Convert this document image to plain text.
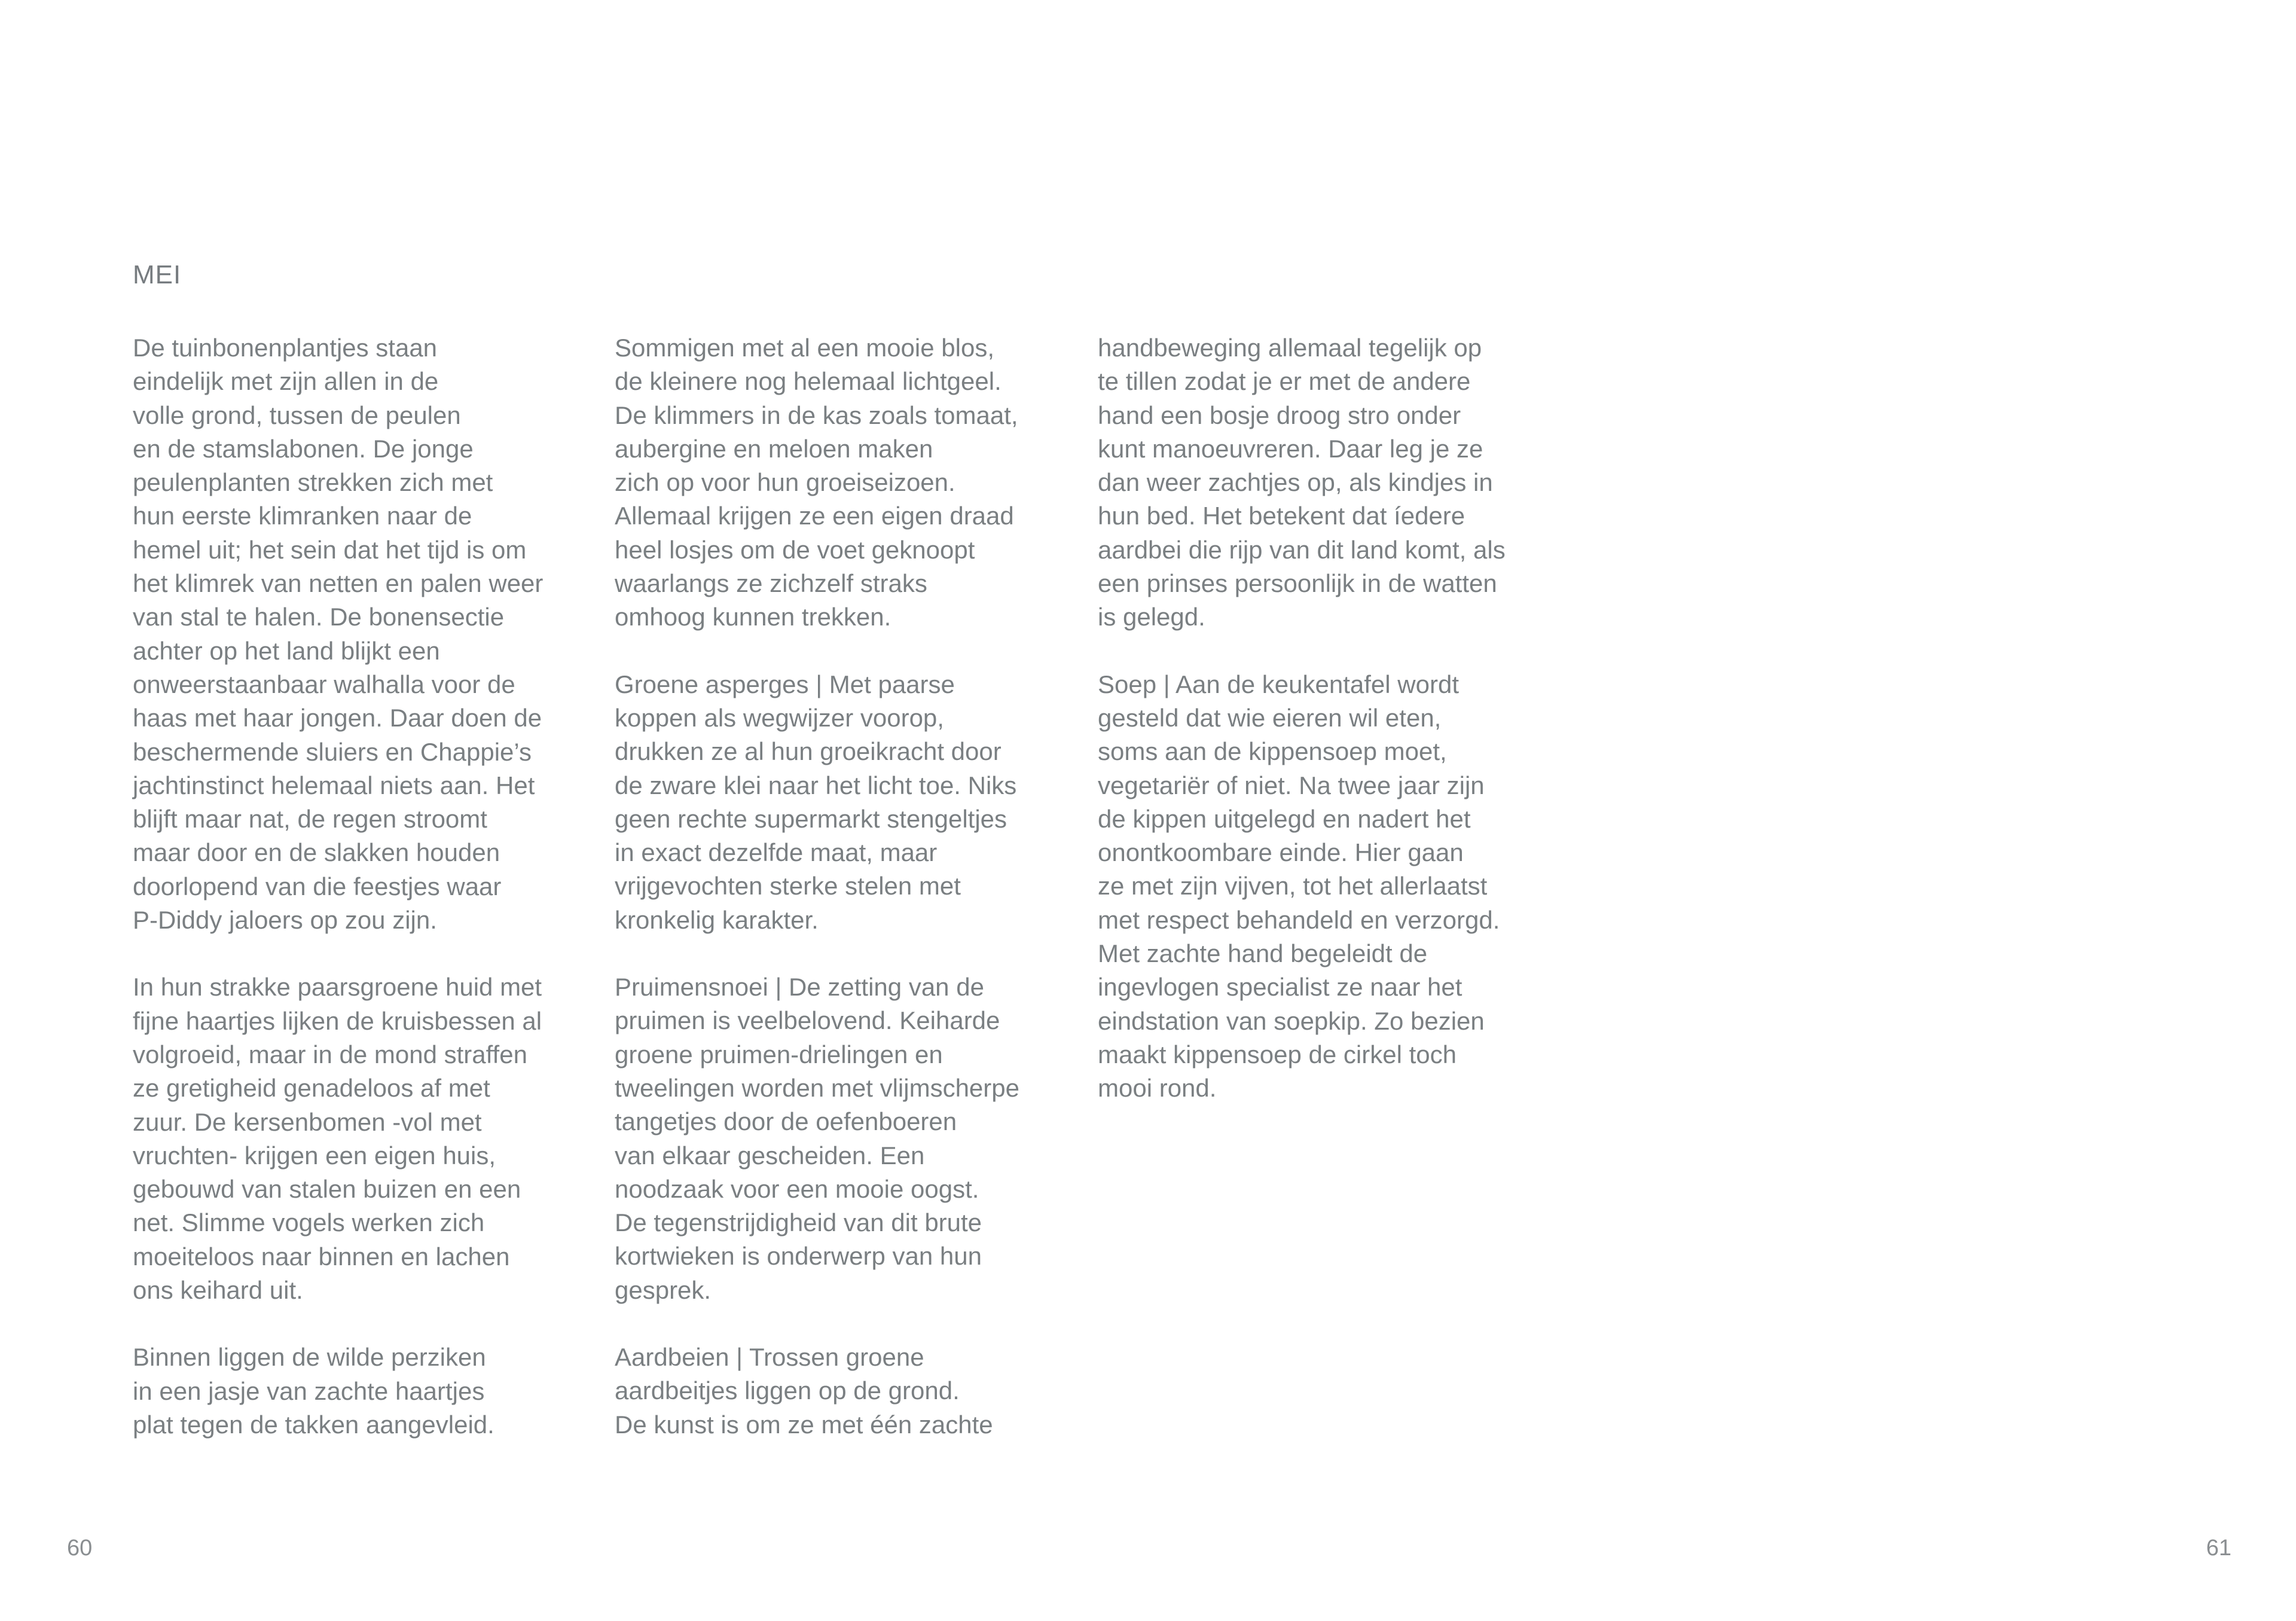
MEI

De tuinbonenplantjes staan
eindelijk met zijn allen in de
volle grond, tussen de peulen
en de stamslabonen. De jonge
peulenplanten strekken zich met
hun eerste klimranken naar de
hemel uit; het sein dat het tijd is om
het klimrek van netten en palen weer
van stal te halen. De bonensectie
achter op het land blijkt een
onweerstaanbaar walhalla voor de
haas met haar jongen. Daar doen de
beschermende sluiers en Chappie’s
jachtinstinct helemaal niets aan. Het
blijft maar nat, de regen stroomt
maar door en de slakken houden
doorlopend van die feestjes waar
P-Diddy jaloers op zou zijn.

In hun strakke paarsgroene huid met
fijne haartjes lijken de kruisbessen al
volgroeid, maar in de mond straffen
ze gretigheid genadeloos af met
zuur. De kersenbomen -vol met
vruchten- krijgen een eigen huis,
gebouwd van stalen buizen en een
net. Slimme vogels werken zich
moeiteloos naar binnen en lachen
ons keihard uit.

Binnen liggen de wilde perziken
in een jasje van zachte haartjes
plat tegen de takken aangevleid.

Sommigen met al een mooie blos,
de kleinere nog helemaal lichtgeel.
De klimmers in de kas zoals tomaat,
aubergine en meloen maken
zich op voor hun groeiseizoen.
Allemaal krijgen ze een eigen draad
heel losjes om de voet geknoopt
waarlangs ze zichzelf straks
omhoog kunnen trekken.

Groene asperges | Met paarse
koppen als wegwijzer voorop,
drukken ze al hun groeikracht door
de zware klei naar het licht toe. Niks
geen rechte supermarkt stengeltjes
in exact dezelfde maat, maar
vrijgevochten sterke stelen met
kronkelig karakter.

Pruimensnoei | De zetting van de
pruimen is veelbelovend. Keiharde
groene pruimen-drielingen en
tweelingen worden met vlijmscherpe
tangetjes door de oefenboeren
van elkaar gescheiden. Een
noodzaak voor een mooie oogst.
De tegenstrijdigheid van dit brute
kortwieken is onderwerp van hun
gesprek.

Aardbeien | Trossen groene
aardbeitjes liggen op de grond.
De kunst is om ze met één zachte

handbeweging allemaal tegelijk op
te tillen zodat je er met de andere
hand een bosje droog stro onder
kunt manoeuvreren. Daar leg je ze
dan weer zachtjes op, als kindjes in
hun bed. Het betekent dat íedere
aardbei die rijp van dit land komt, als
een prinses persoonlijk in de watten
is gelegd.

Soep | Aan de keukentafel wordt
gesteld dat wie eieren wil eten,
soms aan de kippensoep moet,
vegetariër of niet. Na twee jaar zijn
de kippen uitgelegd en nadert het
onontkoombare einde. Hier gaan
ze met zijn vijven, tot het allerlaatst
met respect behandeld en verzorgd.
Met zachte hand begeleidt de
ingevlogen specialist ze naar het
eindstation van soepkip. Zo bezien
maakt kippensoep de cirkel toch
mooi rond.

60	61
